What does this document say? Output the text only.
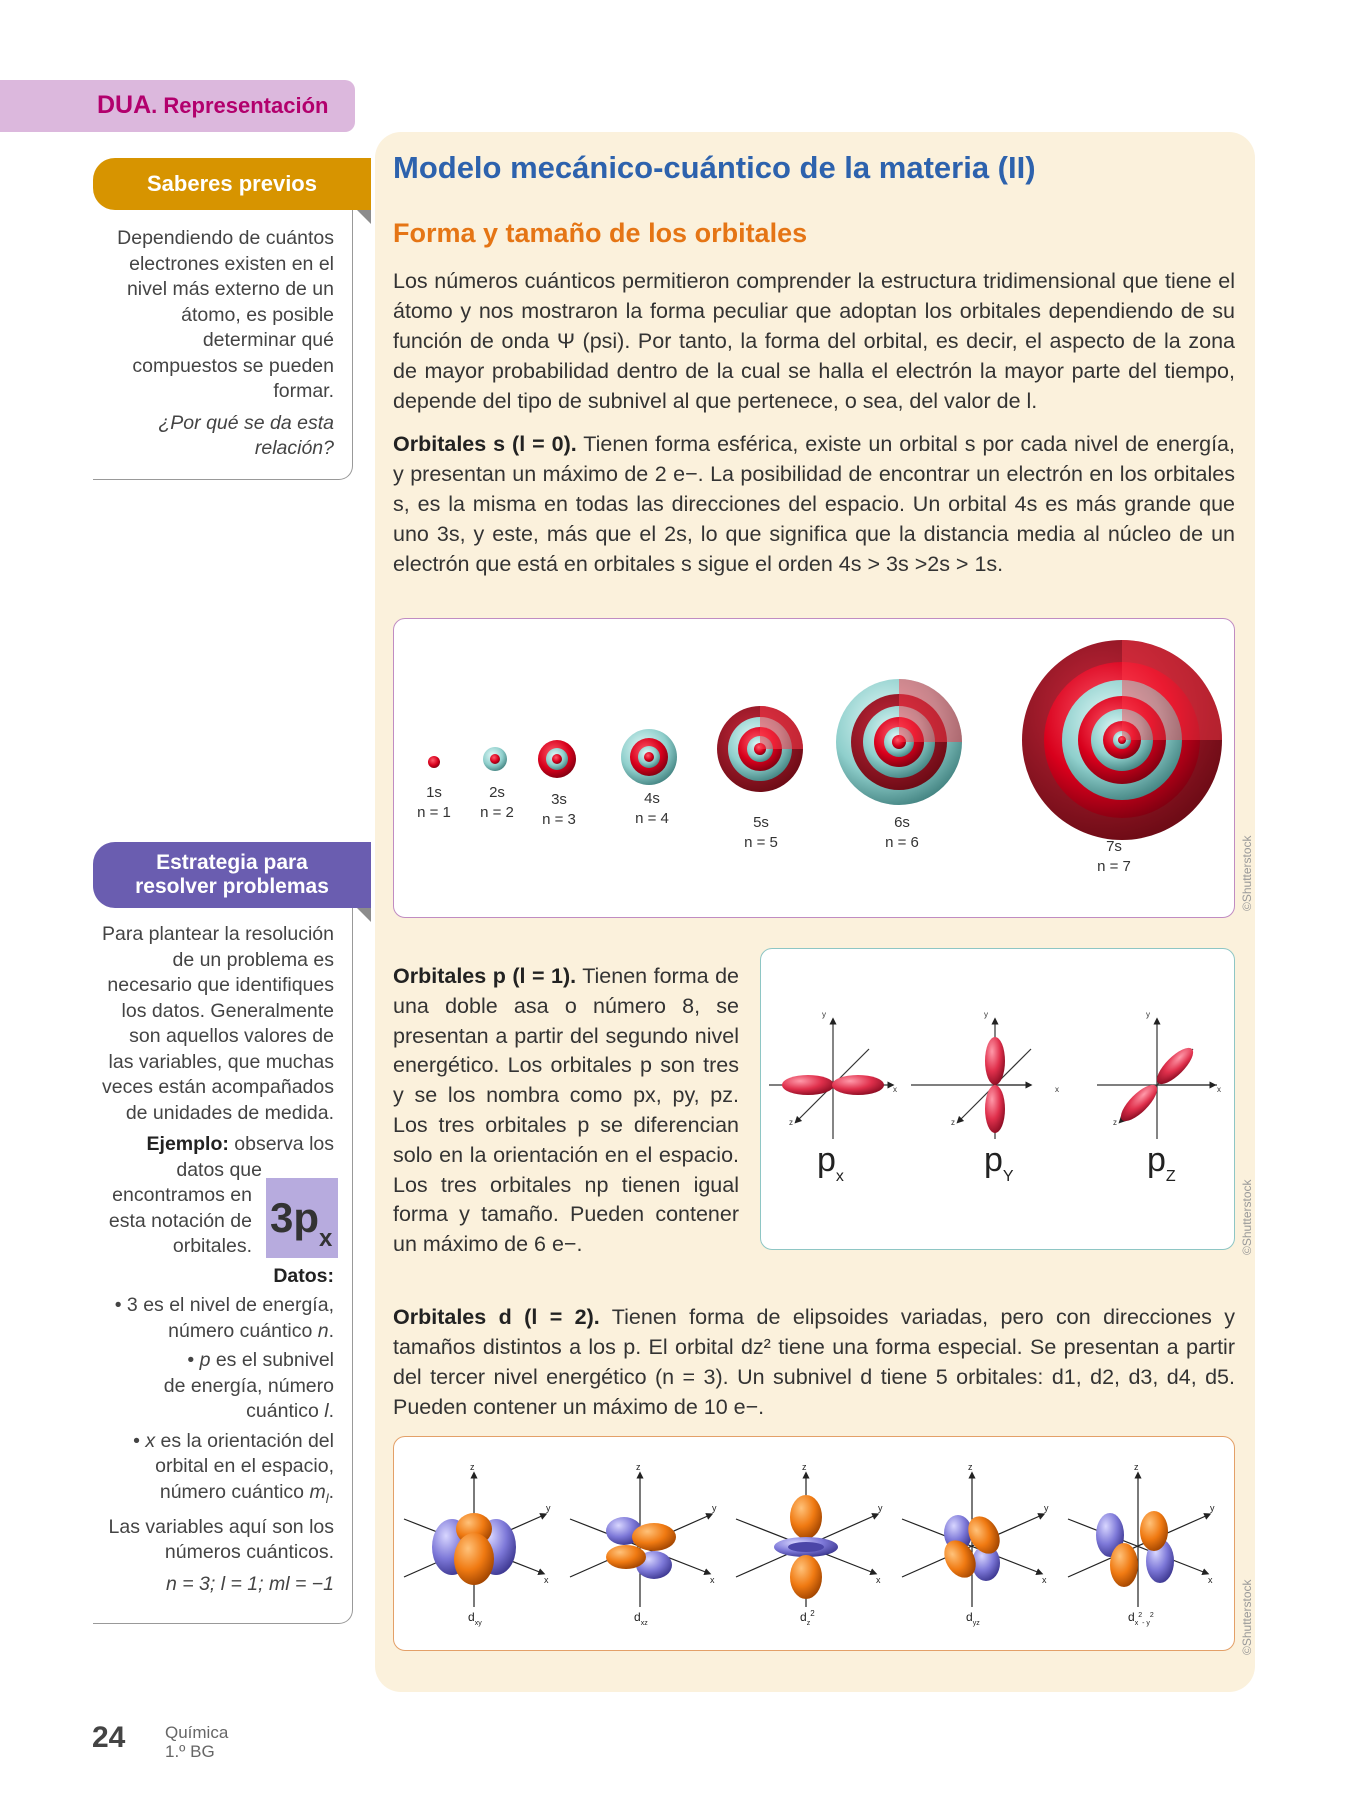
DUA. Representación
Saberes previos

Dependiendo de cuántos

electrones existen en el

nivel más externo de un

átomo, es posible

determinar qué

compuestos se pueden

formar.

¿Por qué se da esta

relación?

Estrategia para
resolver problemas

Para plantear la resolución

de un problema es

necesario que identifiques

los datos. Generalmente

son aquellos valores de

las variables, que muchas

veces están acompañados

de unidades de medida.

Ejemplo: observa los

datos que

encontramos en

esta notación de

orbitales.

Datos:

• 3 es el nivel de energía,

número cuántico n.

• p es el subnivel

de energía, número

cuántico l.

• x es la orientación del

orbital en el espacio,

número cuántico $m_l$.

Las variables aquí son los

números cuánticos.

n = 3; l = 1; ml = −1

$3p_x$
Modelo mecánico-cuántico de la materia (II)
Forma y tamaño de los orbitales
Los números cuánticos permitieron comprender la estructura tridimensional que tiene el átomo y nos mostraron la forma peculiar que adoptan los orbitales dependiendo de su función de onda Ψ (psi). Por tanto, la forma del orbital, es decir, el aspecto de la zona de mayor probabilidad dentro de la cual se halla el electrón la mayor parte del tiempo, depende del tipo de subnivel al que pertenece, o sea, del valor de l.
Orbitales s (l = 0). Tienen forma esférica, existe un orbital s por cada nivel de energía, y presentan un máximo de 2 e−. La posibilidad de encontrar un electrón en los orbitales s, es la misma en todas las direcciones del espacio. Un orbital 4s es más grande que uno 3s, y este, más que el 2s, lo que significa que la distancia media al núcleo de un electrón que está en orbitales s sigue el orden 4s > 3s >2s > 1s.
1s
n = 1
2s
n = 2
3s
n = 3
4s
n = 4	5s
n = 5
6s
n = 6	7s
n = 7	©Shutterstock
Orbitales p (l = 1). Tienen forma de una doble asa o número 8, se presentan a partir del segundo nivel energético. Los orbitales p son tres y se los nombra como px, py, pz. Los tres orbitales p se diferencian solo en la orientación en el espacio. Los tres orbitales np tienen igual forma y tamaño. Pueden contener un máximo de 6 e−.
y
x
z
$p_x$
y
x
z
$p_Y$
y
x
z
$p_Z$
©Shutterstock
Orbitales d (l = 2). Tienen forma de elipsoides variadas, pero con direcciones y tamaños distintos a los p. El orbital dz² tiene una forma especial. Se presentan a partir del tercer nivel energético (n = 3). Un subnivel d tiene 5 orbitales: d1, d2, d3, d4, d5. Pueden contener un máximo de 10 e−.
z
y
x
$d_{xy}$
z
y
x
$d_{xz}$
z
y
x
$d_z^2$
z
y
x
$d_{yz}$
z
y
x
$d_x^2_{- y}^2$	©Shutterstock
24 Química
1.º BG
